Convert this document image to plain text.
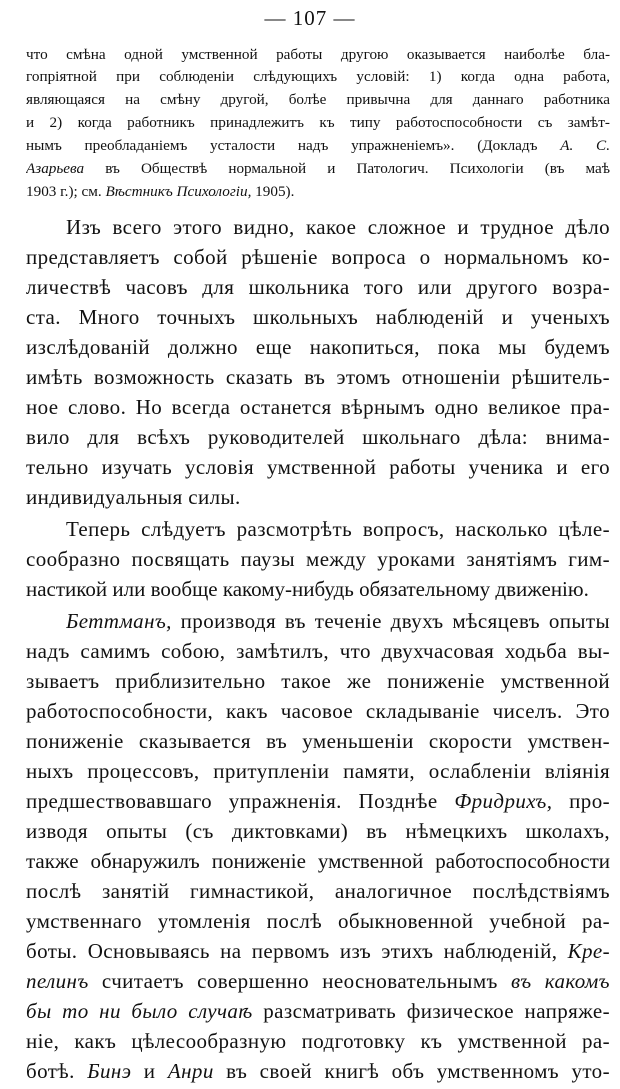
— 107 —
что смѣна одной умственной работы другою оказывается наиболѣе бла-
гопріятной при соблюденіи слѣдующихъ условій: 1) когда одна работа,
являющаяся на смѣну другой, болѣе привычна для даннаго работника
и 2) когда работникъ принадлежитъ къ типу работоспособности съ замѣт-
нымъ преобладаніемъ усталости надъ упражненіемъ». (Докладъ А. С.
Азарьева въ Обществѣ нормальной и Патологич. Психологіи (въ маѣ
1903 г.); см. Вѣстникъ Психологіи, 1905).
Изъ всего этого видно, какое сложное и трудное дѣло
представляетъ собой рѣшеніе вопроса о нормальномъ ко-
личествѣ часовъ для школьника того или другого возра-
ста. Много точныхъ школьныхъ наблюденій и ученыхъ
изслѣдованій должно еще накопиться, пока мы будемъ
имѣть возможность сказать въ этомъ отношеніи рѣшитель-
ное слово. Но всегда останется вѣрнымъ одно великое пра-
вило для всѣхъ руководителей школьнаго дѣла: внима-
тельно изучать условія умственной работы ученика и его
индивидуальныя силы.
Теперь слѣдуетъ разсмотрѣть вопросъ, насколько цѣле-
сообразно посвящать паузы между уроками занятіямъ гим-
настикой или вообще какому-нибудь обязательному движенію.
Беттманъ, производя въ теченіе двухъ мѣсяцевъ опыты
надъ самимъ собою, замѣтилъ, что двухчасовая ходьба вы-
зываетъ приблизительно такое же пониженіе умственной
работоспособности, какъ часовое складываніе чиселъ. Это
пониженіе сказывается въ уменьшеніи скорости умствен-
ныхъ процессовъ, притупленіи памяти, ослабленіи вліянія
предшествовавшаго упражненія. Позднѣе Фридрихъ, про-
изводя опыты (съ диктовками) въ нѣмецкихъ школахъ,
также обнаружилъ пониженіе умственной работоспособности
послѣ занятій гимнастикой, аналогичное послѣдствіямъ
умственнаго утомленія послѣ обыкновенной учебной ра-
боты. Основываясь на первомъ изъ этихъ наблюденій, Кре-
пелинъ считаетъ совершенно неосновательнымъ въ какомъ
бы то ни было случаѣ разсматривать физическое напряже-
ніе, какъ цѣлесообразную подготовку къ умственной ра-
ботѣ. Бинэ и Анри въ своей книгѣ объ умственномъ уто-
